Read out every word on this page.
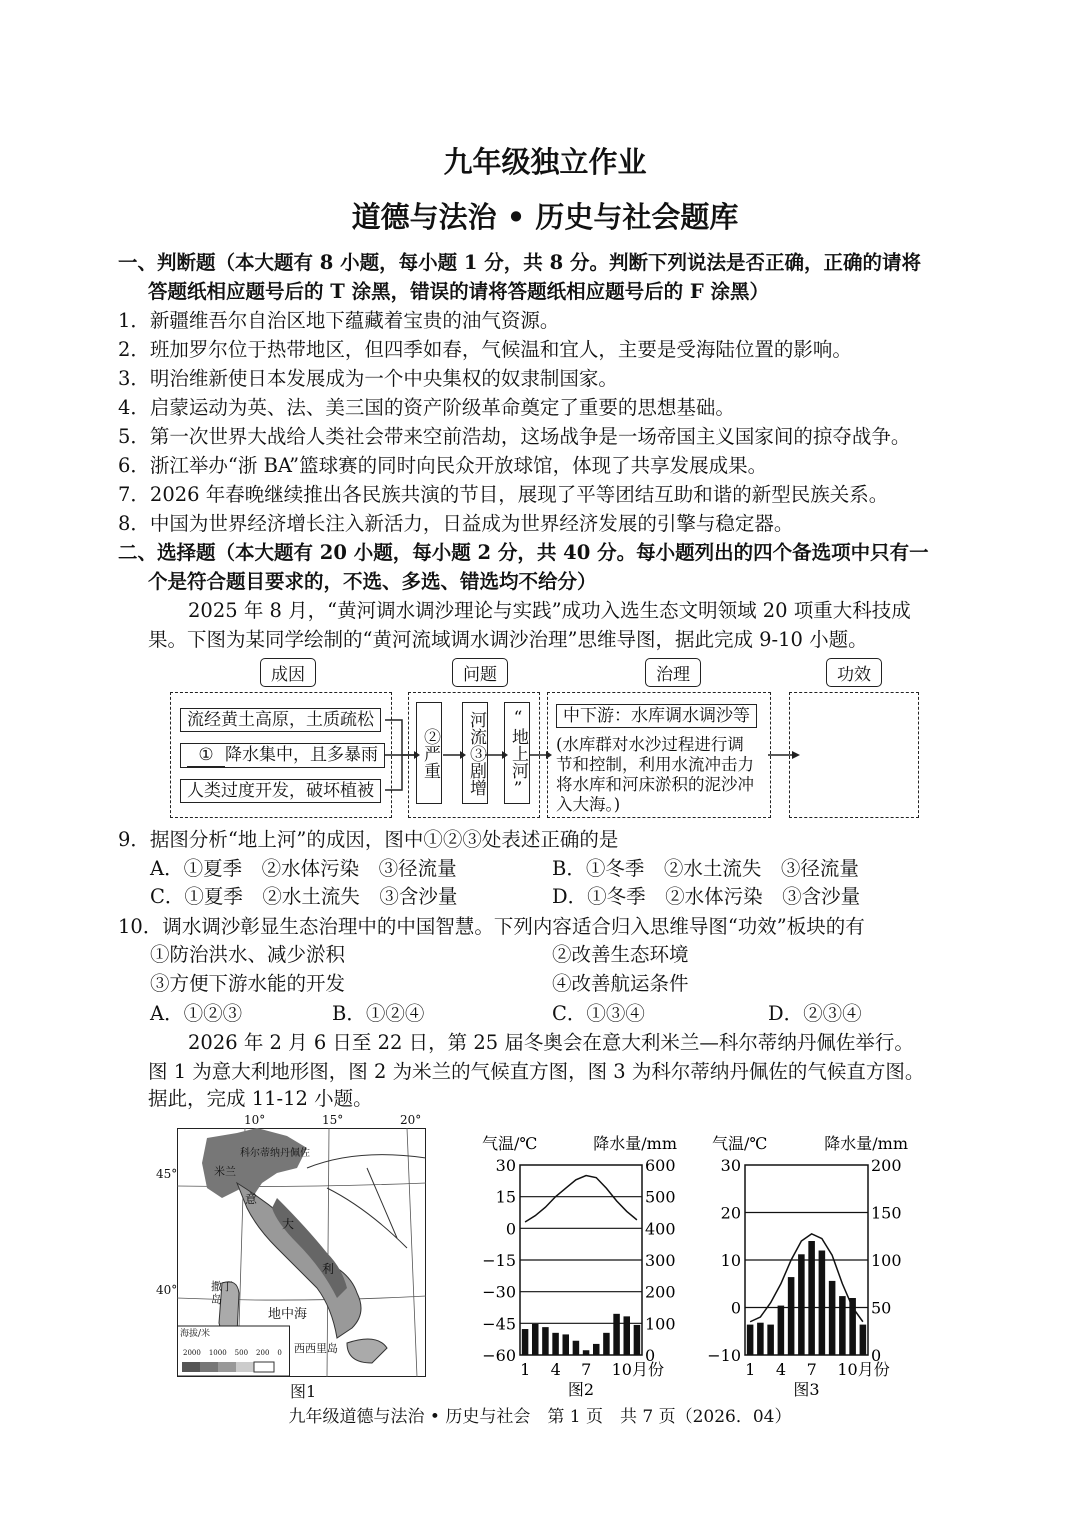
九年级独立作业
道德与法治 • 历史与社会题库
一、判断题（本大题有 8 小题，每小题 1 分，共 8 分。判断下列说法是否正确，正确的请将
答题纸相应题号后的 T 涂黑，错误的请将答题纸相应题号后的 F 涂黑）
1．新疆维吾尔自治区地下蕴藏着宝贵的油气资源。
2．班加罗尔位于热带地区，但四季如春，气候温和宜人，主要是受海陆位置的影响。
3．明治维新使日本发展成为一个中央集权的奴隶制国家。
4．启蒙运动为英、法、美三国的资产阶级革命奠定了重要的思想基础。
5．第一次世界大战给人类社会带来空前浩劫，这场战争是一场帝国主义国家间的掠夺战争。
6．浙江举办“浙 BA”篮球赛的同时向民众开放球馆，体现了共享发展成果。
7．2026 年春晚继续推出各民族共演的节目，展现了平等团结互助和谐的新型民族关系。
8．中国为世界经济增长注入新活力，日益成为世界经济发展的引擎与稳定器。
二、选择题（本大题有 20 小题，每小题 2 分，共 40 分。每小题列出的四个备选项中只有一
个是符合题目要求的，不选、多选、错选均不给分）
2025 年 8 月，“黄河调水调沙理论与实践”成功入选生态文明领域 20 项重大科技成
果。下图为某同学绘制的“黄河流域调水调沙治理”思维导图，据此完成 9-10 小题。
成因	问题	治理	功效
流经黄土高原，土质疏松
① 降水集中，且多暴雨
人类过度开发，破坏植被
②严重 河流③剧增 “地上河”	中下游：水库调水调沙等
(水库群对水沙过程进行调节和控制，利用水流冲击力将水库和河床淤积的泥沙冲入大海。)
9．据图分析“地上河”的成因，图中①②③处表述正确的是
A．①夏季　②水体污染　③径流量	B．①冬季　②水土流失　③径流量
C．①夏季　②水土流失　③含沙量	D．①冬季　②水体污染　③含沙量
10．调水调沙彰显生态治理中的中国智慧。下列内容适合归入思维导图“功效”板块的有
①防治洪水、减少淤积	②改善生态环境
③方便下游水能的开发	④改善航运条件
A．①②③	B．①②④	C．①③④	D．②③④
2026 年 2 月 6 日至 22 日，第 25 届冬奥会在意大利米兰—科尔蒂纳丹佩佐举行。
图 1 为意大利地形图，图 2 为米兰的气候直方图，图 3 为科尔蒂纳丹佩佐的气候直方图。
据此，完成 11-12 小题。
10°	15°	20°
45°
40°
米兰
科尔蒂纳丹佩佐
意
大
利
撒丁岛
地中海
西西里岛
海拔/米
2000 1000 500 200 0
图1
气温/℃	降水量/mm
30	600
15	500
0	400
−15	300
−30	200
−45	100
−60	0
1 4 7 10月份
图2
气温/℃	降水量/mm
30	200
20	150
10	100
0	50
−10	0
1 4 7 10月份
图3
九年级道德与法治 • 历史与社会　第 1 页　共 7 页（2026．04）
